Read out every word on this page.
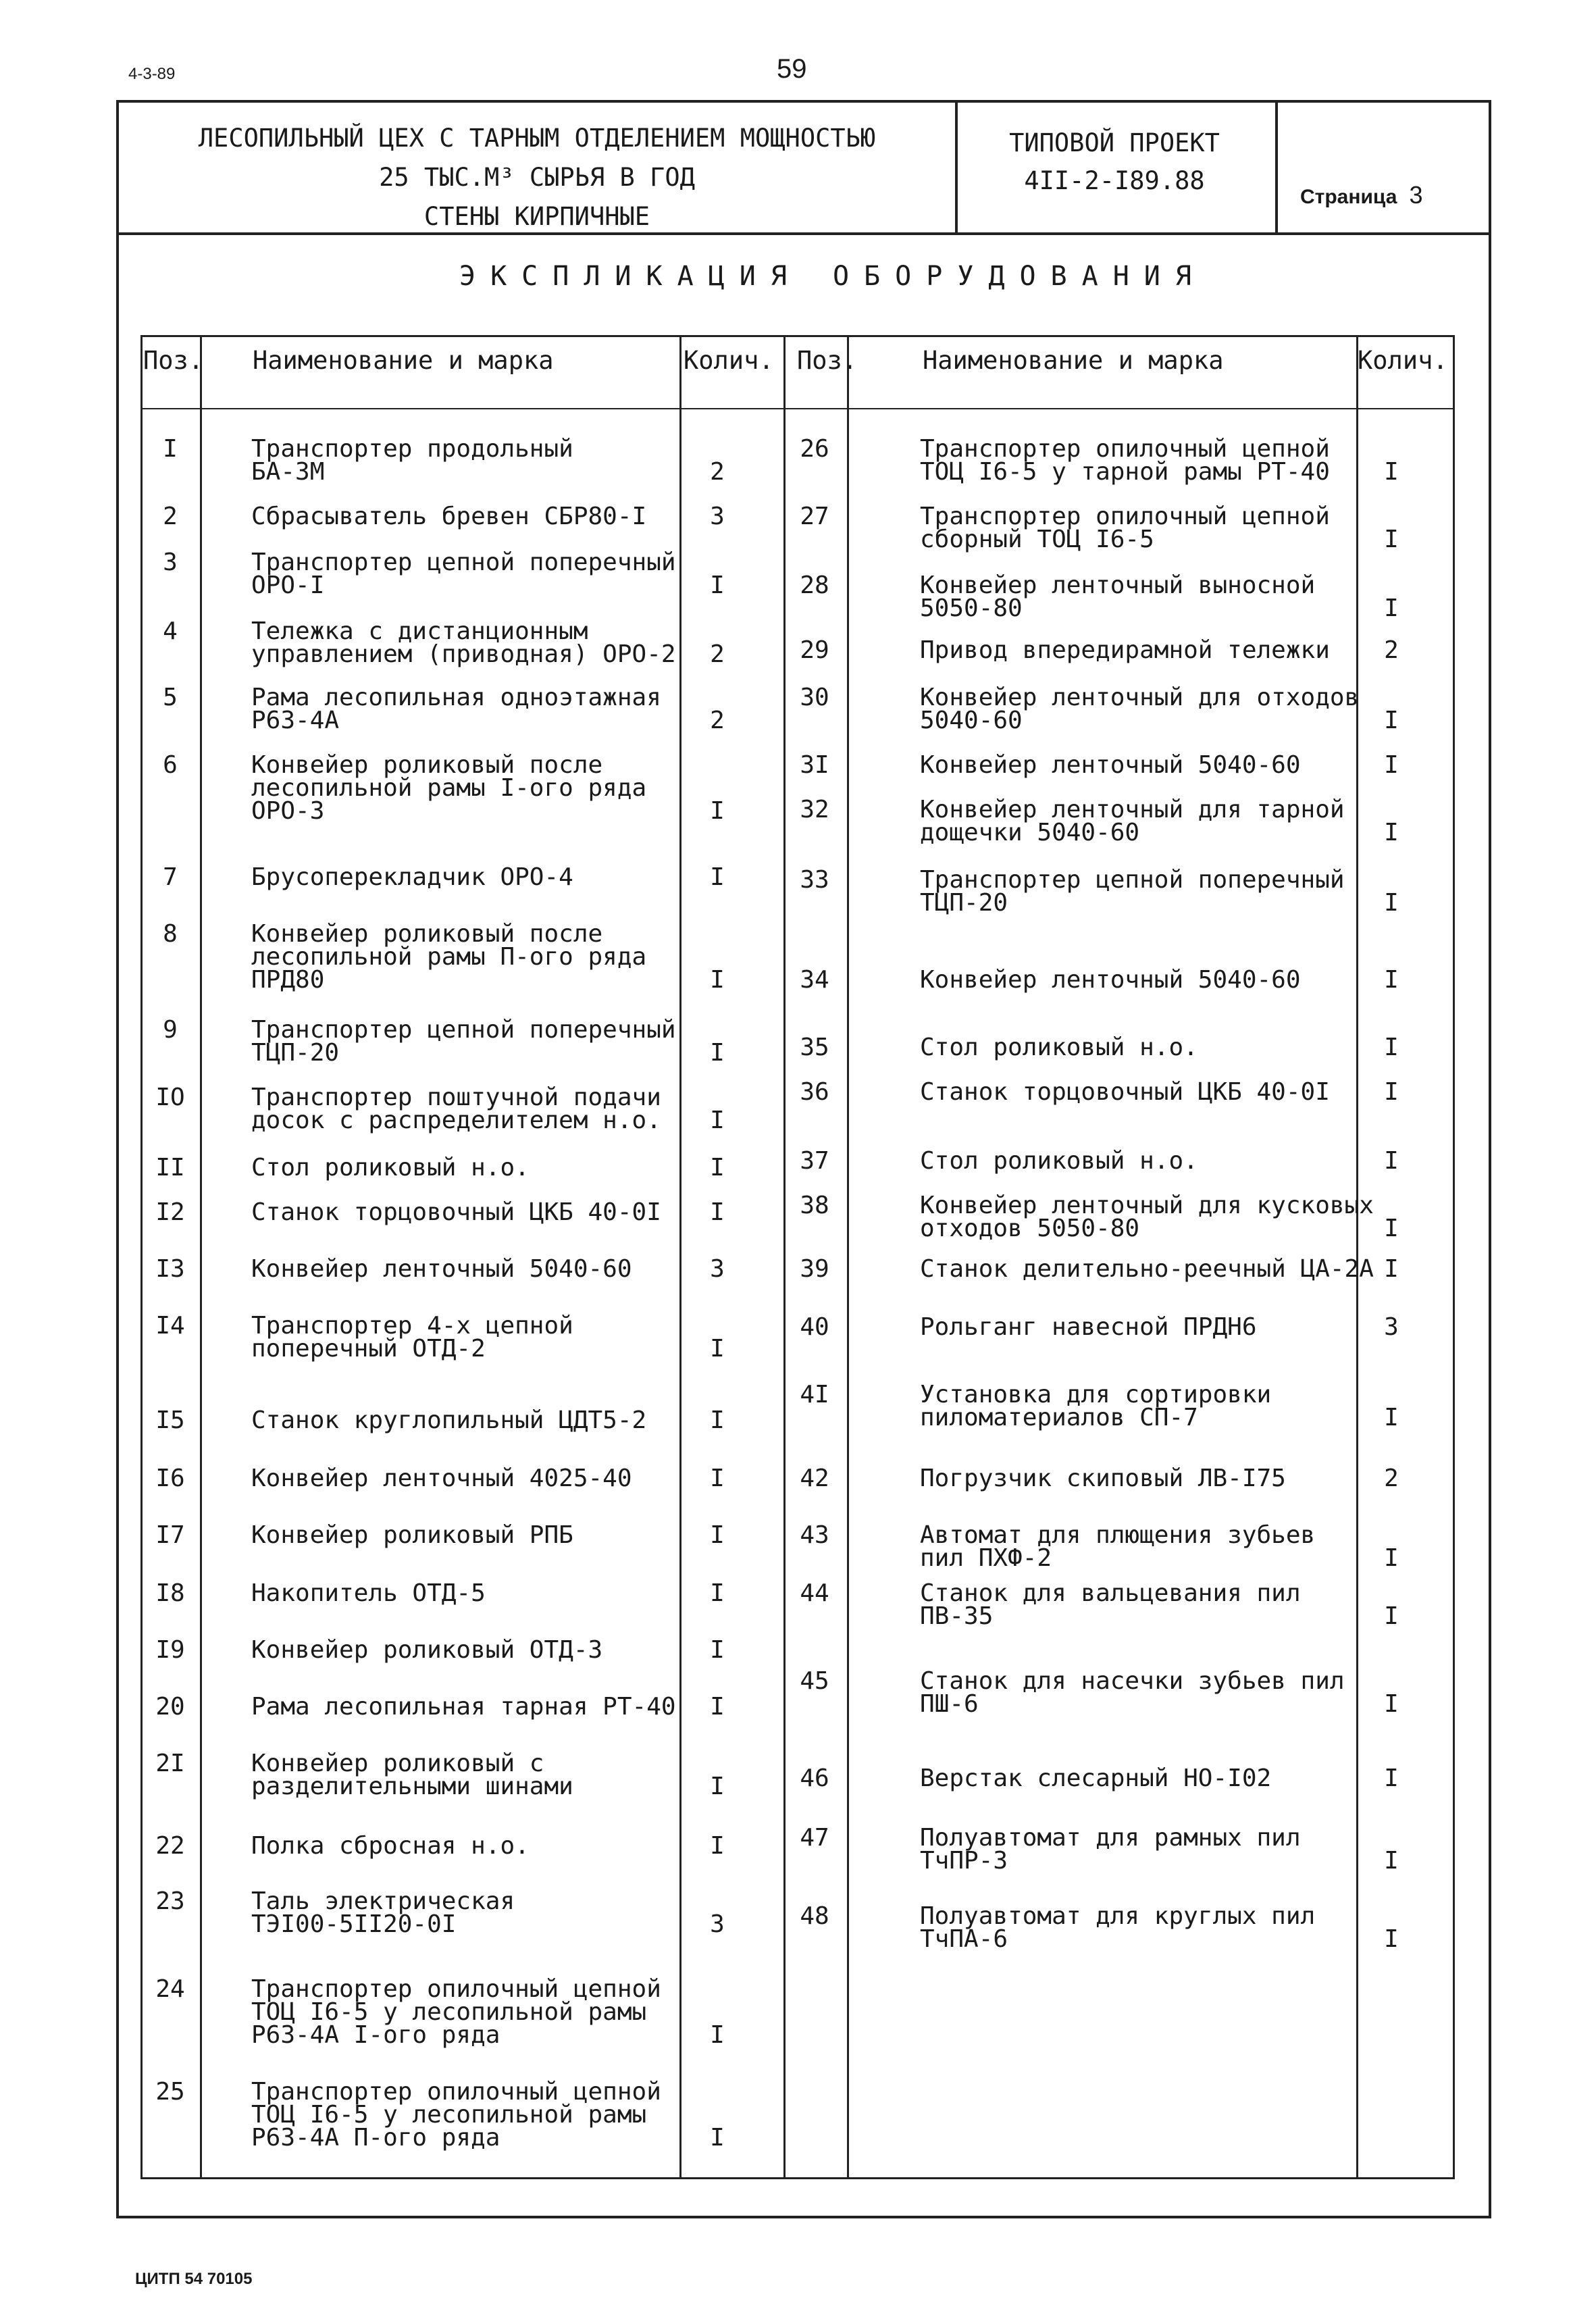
4-3-89	59
ЛЕСОПИЛЬНЫЙ ЦЕХ С ТАРНЫМ ОТДЕЛЕНИЕМ МОЩНОСТЬЮ
25 ТЫС.М³ СЫРЬЯ В ГОД
СТЕНЫ КИРПИЧНЫЕ
ТИПОВОЙ ПРОЕКТ
4II-2-I89.88
Страница 3
ЭКСПЛИКАЦИЯ ОБОРУДОВАНИЯ
Поз. Наименование и марка	Колич. Поз.	Наименование и марка	Колич.
I	Транспортер продольный
БА-3М	2
2	Сбрасыватель бревен СБР80-I	3
3	Транспортер цепной поперечный
ОРО-I	I
4	Тележка с дистанционным
управлением (приводная) ОРО-2	2
5	Рама лесопильная одноэтажная
Р63-4А	2
6	Конвейер роликовый после
лесопильной рамы I-ого ряда
ОРО-3	I
7	Брусоперекладчик ОРО-4	I
8	Конвейер роликовый после
лесопильной рамы П-ого ряда
ПРД80	I
9	Транспортер цепной поперечный
ТЦП-20	I
IO	Транспортер поштучной подачи
досок с распределителем н.о.	I
II	Стол роликовый н.о.	I
I2	Станок торцовочный ЦКБ 40-0I	I
I3	Конвейер ленточный 5040-60	3
I4	Транспортер 4-х цепной
поперечный ОТД-2	I
I5	Станок круглопильный ЦДТ5-2	I
I6	Конвейер ленточный 4025-40	I
I7	Конвейер роликовый РПБ	I
I8	Накопитель ОТД-5	I
I9	Конвейер роликовый ОТД-3	I
20	Рама лесопильная тарная РТ-40	I
2I	Конвейер роликовый с
разделительными шинами	I
22	Полка сбросная н.о.	I
23	Таль электрическая
ТЭI00-5II20-0I	3
24	Транспортер опилочный цепной
ТОЦ I6-5 у лесопильной рамы
Р63-4А I-ого ряда	I
25	Транспортер опилочный цепной
ТОЦ I6-5 у лесопильной рамы
Р63-4А П-ого ряда	I
26	Транспортер опилочный цепной
ТОЦ I6-5 у тарной рамы РТ-40	I
27	Транспортер опилочный цепной
сборный ТОЦ I6-5	I
28	Конвейер ленточный выносной
5050-80	I
29	Привод впередирамной тележки	2
30	Конвейер ленточный для отходов
5040-60	I
3I	Конвейер ленточный 5040-60	I
32	Конвейер ленточный для тарной
дощечки 5040-60	I
33	Транспортер цепной поперечный
ТЦП-20	I
34	Конвейер ленточный 5040-60	I
35	Стол роликовый н.о.	I
36	Станок торцовочный ЦКБ 40-0I	I
37	Стол роликовый н.о.	I
38	Конвейер ленточный для кусковых
отходов 5050-80	I
39	Станок делительно-реечный ЦА-2А I
40	Рольганг навесной ПРДН6	3
4I	Установка для сортировки
пиломатериалов СП-7	I
42	Погрузчик скиповый ЛВ-I75	2
43	Автомат для плющения зубьев
пил ПХФ-2	I
44	Станок для вальцевания пил
ПВ-35	I
45	Станок для насечки зубьев пил
ПШ-6	I
46	Верстак слесарный НО-I02	I
47	Полуавтомат для рамных пил
ТчПР-3	I
48	Полуавтомат для круглых пил
ТчПА-6	I
ЦИТП 54 70105
